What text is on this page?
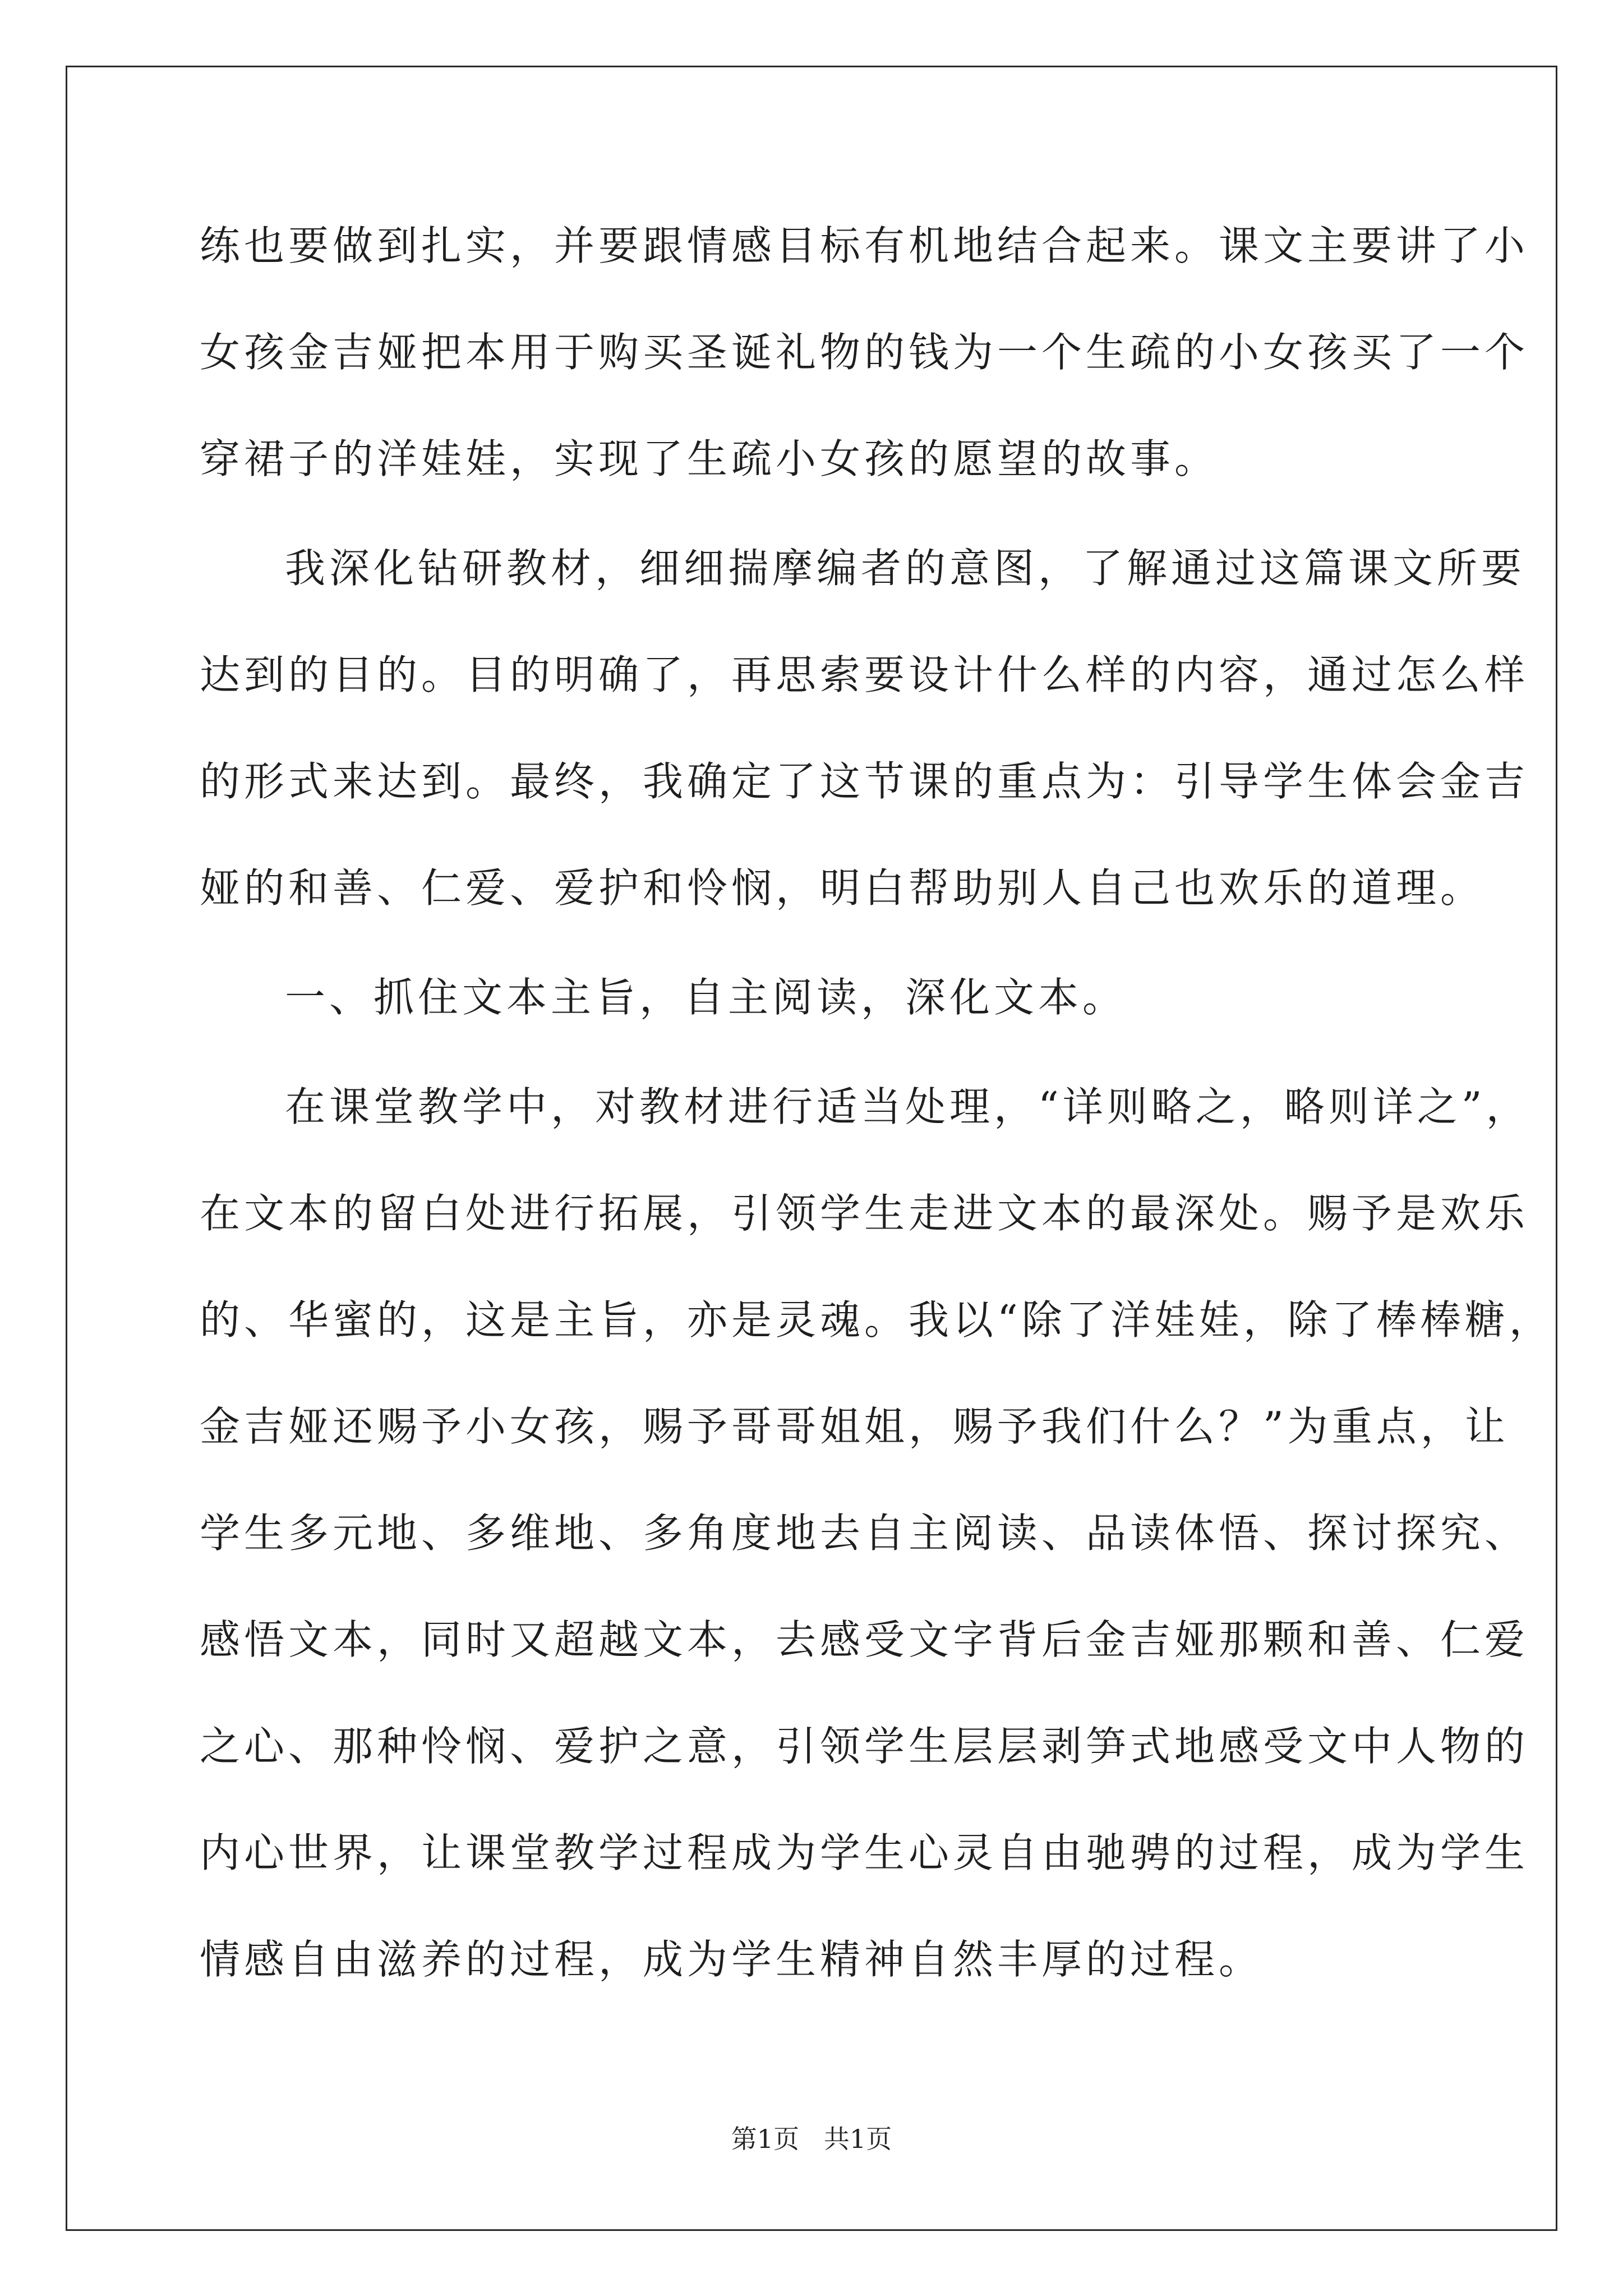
练也要做到扎实，并要跟情感目标有机地结合起来。课文主要讲了小
女孩金吉娅把本用于购买圣诞礼物的钱为一个生疏的小女孩买了一个
穿裙子的洋娃娃，实现了生疏小女孩的愿望的故事。
我深化钻研教材，细细揣摩编者的意图，了解通过这篇课文所要
达到的目的。目的明确了，再思索要设计什么样的内容，通过怎么样
的形式来达到。最终，我确定了这节课的重点为：引导学生体会金吉
娅的和善、仁爱、爱护和怜悯，明白帮助别人自己也欢乐的道理。
一、抓住文本主旨，自主阅读，深化文本。
在课堂教学中，对教材进行适当处理，“详则略之，略则详之”，
在文本的留白处进行拓展，引领学生走进文本的最深处。赐予是欢乐
的、华蜜的，这是主旨，亦是灵魂。我以“除了洋娃娃，除了棒棒糖，
金吉娅还赐予小女孩，赐予哥哥姐姐，赐予我们什么？”为重点，让
学生多元地、多维地、多角度地去自主阅读、品读体悟、探讨探究、
感悟文本，同时又超越文本，去感受文字背后金吉娅那颗和善、仁爱
之心、那种怜悯、爱护之意，引领学生层层剥笋式地感受文中人物的
内心世界，让课堂教学过程成为学生心灵自由驰骋的过程，成为学生
情感自由滋养的过程，成为学生精神自然丰厚的过程。
第1页   共1页
